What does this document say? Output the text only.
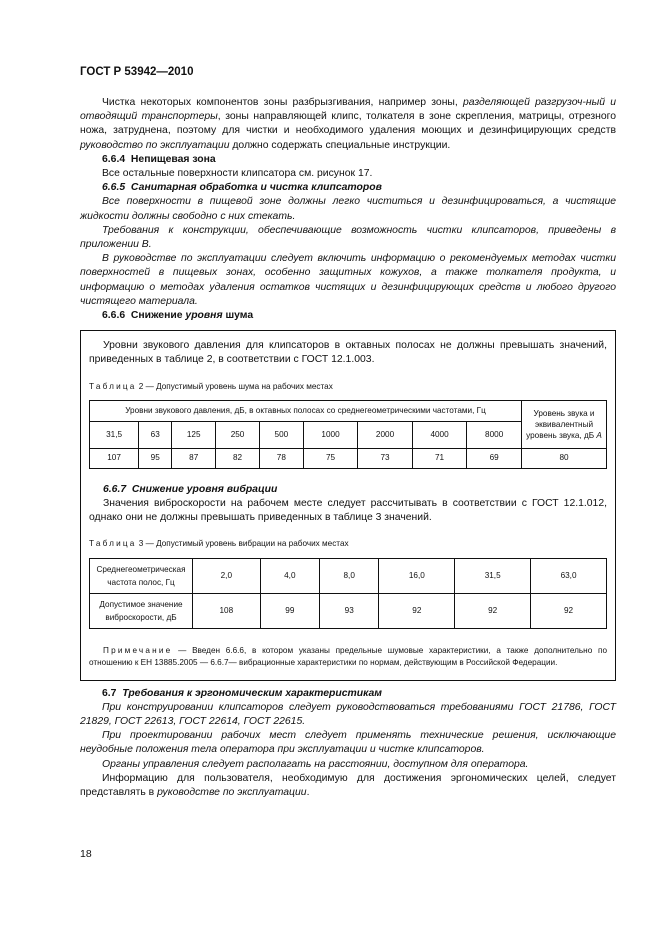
ГОСТ Р 53942—2010

Чистка некоторых компонентов зоны разбрызгивания, например зоны, разделяющей разгрузоч-ный и отводящий транспортеры, зоны направляющей клипс, толкателя в зоне скрепления, матрицы, отрезного ножа, затруднена, поэтому для чистки и необходимого удаления моющих и дезинфицирующих средств руководство по эксплуатации должно содержать специальные инструкции.

6.6.4 Непищевая зона

Все остальные поверхности клипсатора см. рисунок 17.

6.6.5 Санитарная обработка и чистка клипсаторов

Все поверхности в пищевой зоне должны легко чиститься и дезинфицироваться, а чистящие жидкости должны свободно с них стекать.

Требования к конструкции, обеспечивающие возможность чистки клипсаторов, приведены в приложении В.

В руководстве по эксплуатации следует включить информацию о рекомендуемых методах чистки поверхностей в пищевых зонах, особенно защитных кожухов, а также толкателя продукта, и информацию о методах удаления остатков чистящих и дезинфицирующих средств и любого другого чистящего материала.

6.6.6 Снижение уровня шума

Уровни звукового давления для клипсаторов в октавных полосах не должны превышать значений, приведенных в таблице 2, в соответствии с ГОСТ 12.1.003.

Таблица 2 — Допустимый уровень шума на рабочих местах
Уровни звукового давления, дБ, в октавных полосах со среднегеометрическими частотами, Гц									Уровень звука и эквивалентный уровень звука, дБ А
31,5	63	125	250	500	1000	2000	4000	8000	
107	95	87	82	78	75	73	71	69	80

6.6.7 Снижение уровня вибрации

Значения виброскорости на рабочем месте следует рассчитывать в соответствии с ГОСТ 12.1.012, однако они не должны превышать приведенных в таблице 3 значений.

Таблица 3 — Допустимый уровень вибрации на рабочих местах
Среднегеометрическая частота полос, Гц	2,0	4,0	8,0	16,0	31,5	63,0
Допустимое значение виброскорости, дБ	108	99	93	92	92	92
Примечание — Введен 6.6.6, в котором указаны предельные шумовые характеристики, а также дополнительно по отношению к ЕН 13885.2005 — 6.6.7— вибрационные характеристики по нормам, действующим в Российской Федерации.

6.7 Требования к эргономическим характеристикам

При конструировании клипсаторов следует руководствоваться требованиями ГОСТ 21786, ГОСТ 21829, ГОСТ 22613, ГОСТ 22614, ГОСТ 22615.

При проектировании рабочих мест следует применять технические решения, исключающие неудобные положения тела оператора при эксплуатации и чистке клипсаторов.

Органы управления следует располагать на расстоянии, доступном для оператора.

Информацию для пользователя, необходимую для достижения эргономических целей, следует представлять в руководстве по эксплуатации.

18
